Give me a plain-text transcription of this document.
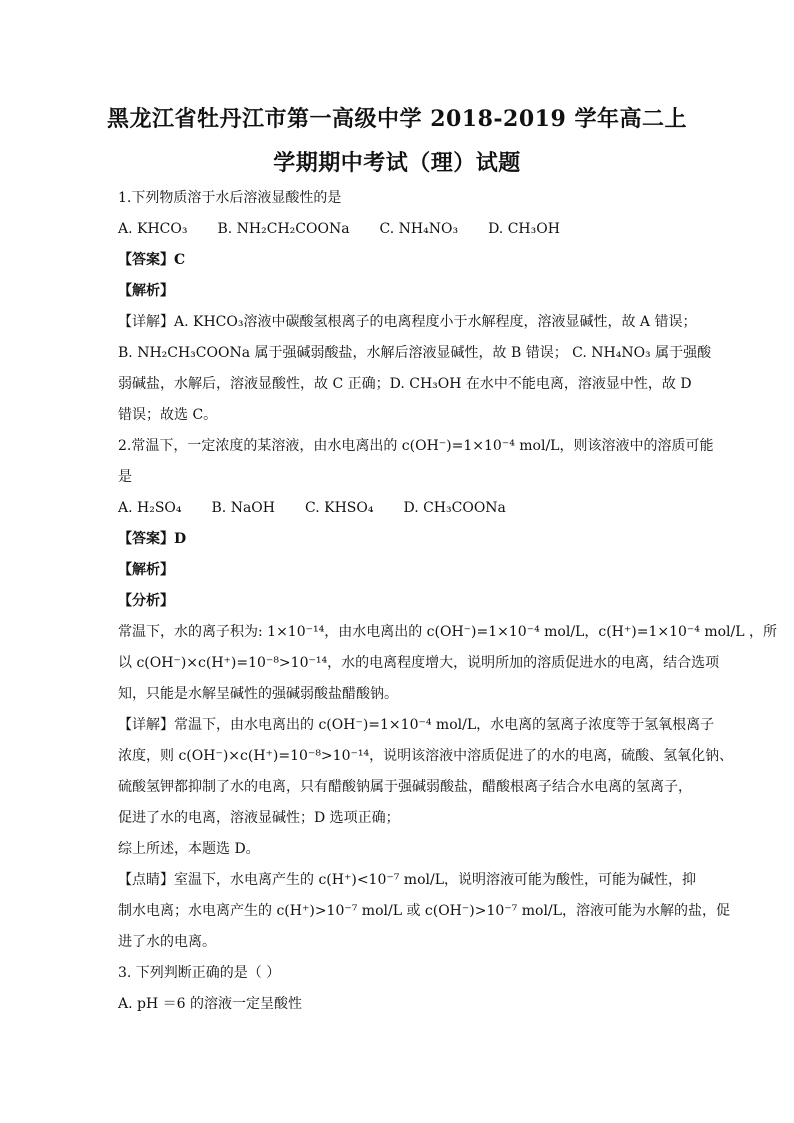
黑龙江省牡丹江市第一高级中学 2018-2019 学年高二上
学期期中考试（理）试题
1.下列物质溶于水后溶液显酸性的是
A. KHCO₃ B. NH₂CH₂COONa C. NH₄NO₃ D. CH₃OH
【答案】C
【解析】
【详解】A. KHCO₃溶液中碳酸氢根离子的电离程度小于水解程度，溶液显碱性，故 A 错误；
B. NH₂CH₃COONa 属于强碱弱酸盐，水解后溶液显碱性，故 B 错误； C. NH₄NO₃ 属于强酸
弱碱盐，水解后，溶液显酸性，故 C 正确；D. CH₃OH 在水中不能电离，溶液显中性，故 D
错误；故选 C。
2.常温下，一定浓度的某溶液，由水电离出的 c(OH⁻)=1×10⁻⁴ mol/L，则该溶液中的溶质可能
是
A. H₂SO₄ B. NaOH C. KHSO₄ D. CH₃COONa
【答案】D
【解析】
【分析】
常温下，水的离子积为: 1×10⁻¹⁴，由水电离出的 c(OH⁻)=1×10⁻⁴ mol/L，c(H⁺)=1×10⁻⁴ mol/L ，所
以 c(OH⁻)×c(H⁺)=10⁻⁸>10⁻¹⁴，水的电离程度增大，说明所加的溶质促进水的电离，结合选项
知，只能是水解呈碱性的强碱弱酸盐醋酸钠。
【详解】常温下，由水电离出的 c(OH⁻)=1×10⁻⁴ mol/L，水电离的氢离子浓度等于氢氧根离子
浓度，则 c(OH⁻)×c(H⁺)=10⁻⁸>10⁻¹⁴，说明该溶液中溶质促进了的水的电离，硫酸、氢氧化钠、
硫酸氢钾都抑制了水的电离，只有醋酸钠属于强碱弱酸盐，醋酸根离子结合水电离的氢离子，
促进了水的电离，溶液显碱性；D 选项正确；
综上所述，本题选 D。
【点睛】室温下，水电离产生的 c(H⁺)<10⁻⁷ mol/L，说明溶液可能为酸性，可能为碱性，抑
制水电离；水电离产生的 c(H⁺)>10⁻⁷ mol/L 或 c(OH⁻)>10⁻⁷ mol/L，溶液可能为水解的盐，促
进了水的电离。
3. 下列判断正确的是（ ）
A. pH ＝6 的溶液一定呈酸性
